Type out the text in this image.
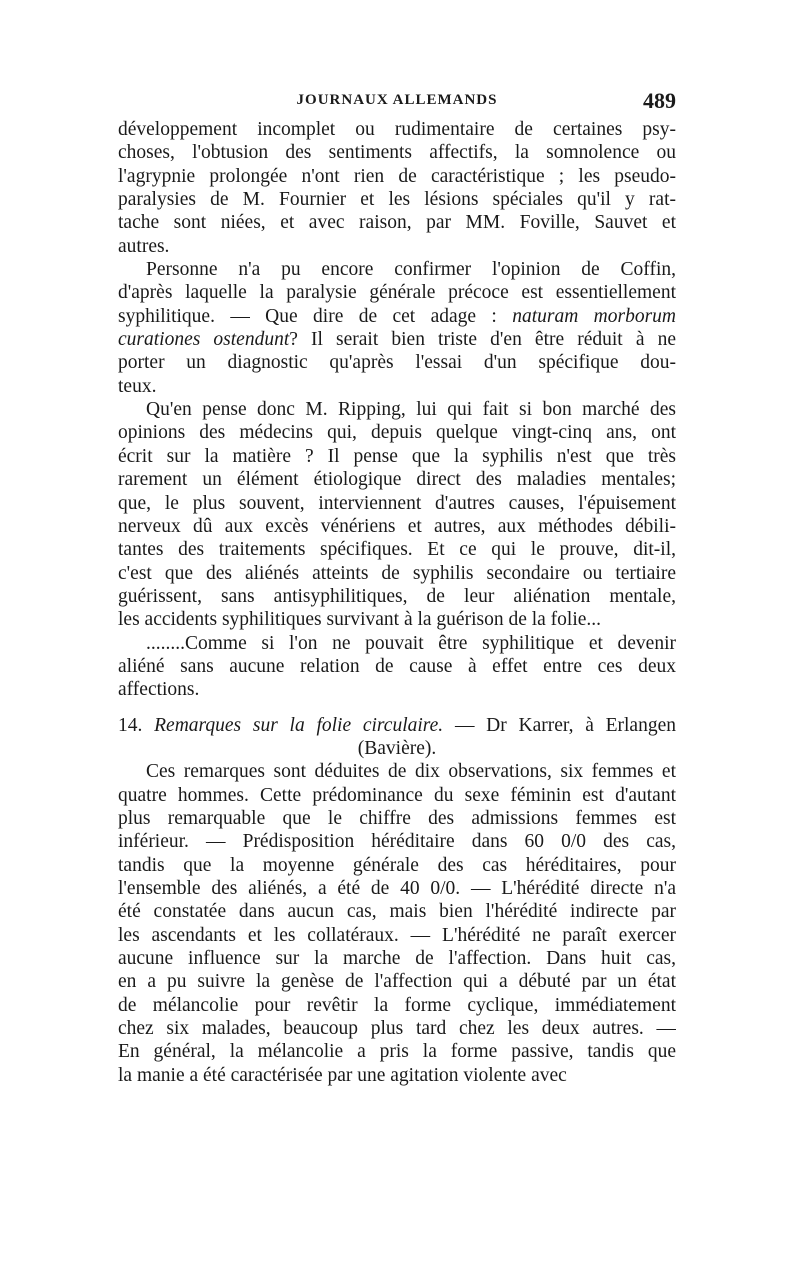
JOURNAUX ALLEMANDS	489

développement incomplet ou rudimentaire de certaines psy-
choses, l'obtusion des sentiments affectifs, la somnolence ou
l'agrypnie prolongée n'ont rien de caractéristique ; les pseudo-
paralysies de M. Fournier et les lésions spéciales qu'il y rat-
tache sont niées, et avec raison, par MM. Foville, Sauvet et
autres.

Personne n'a pu encore confirmer l'opinion de Coffin,
d'après laquelle la paralysie générale précoce est essentiellement
syphilitique. — Que dire de cet adage : naturam morborum
curationes ostendunt? Il serait bien triste d'en être réduit à ne
porter un diagnostic qu'après l'essai d'un spécifique dou-
teux.

Qu'en pense donc M. Ripping, lui qui fait si bon marché des
opinions des médecins qui, depuis quelque vingt-cinq ans, ont
écrit sur la matière ? Il pense que la syphilis n'est que très
rarement un élément étiologique direct des maladies mentales;
que, le plus souvent, interviennent d'autres causes, l'épuisement
nerveux dû aux excès vénériens et autres, aux méthodes débili-
tantes des traitements spécifiques. Et ce qui le prouve, dit-il,
c'est que des aliénés atteints de syphilis secondaire ou tertiaire
guérissent, sans antisyphilitiques, de leur aliénation mentale,
les accidents syphilitiques survivant à la guérison de la folie...

........Comme si l'on ne pouvait être syphilitique et devenir
aliéné sans aucune relation de cause à effet entre ces deux
affections.

14. Remarques sur la folie circulaire. — Dr Karrer, à Erlangen
(Bavière).

Ces remarques sont déduites de dix observations, six femmes et
quatre hommes. Cette prédominance du sexe féminin est d'autant
plus remarquable que le chiffre des admissions femmes est
inférieur. — Prédisposition héréditaire dans 60 0/0 des cas,
tandis que la moyenne générale des cas héréditaires, pour
l'ensemble des aliénés, a été de 40 0/0. — L'hérédité directe n'a
été constatée dans aucun cas, mais bien l'hérédité indirecte par
les ascendants et les collatéraux. — L'hérédité ne paraît exercer
aucune influence sur la marche de l'affection. Dans huit cas,
en a pu suivre la genèse de l'affection qui a débuté par un état
de mélancolie pour revêtir la forme cyclique, immédiatement
chez six malades, beaucoup plus tard chez les deux autres. —
En général, la mélancolie a pris la forme passive, tandis que
la manie a été caractérisée par une agitation violente avec
